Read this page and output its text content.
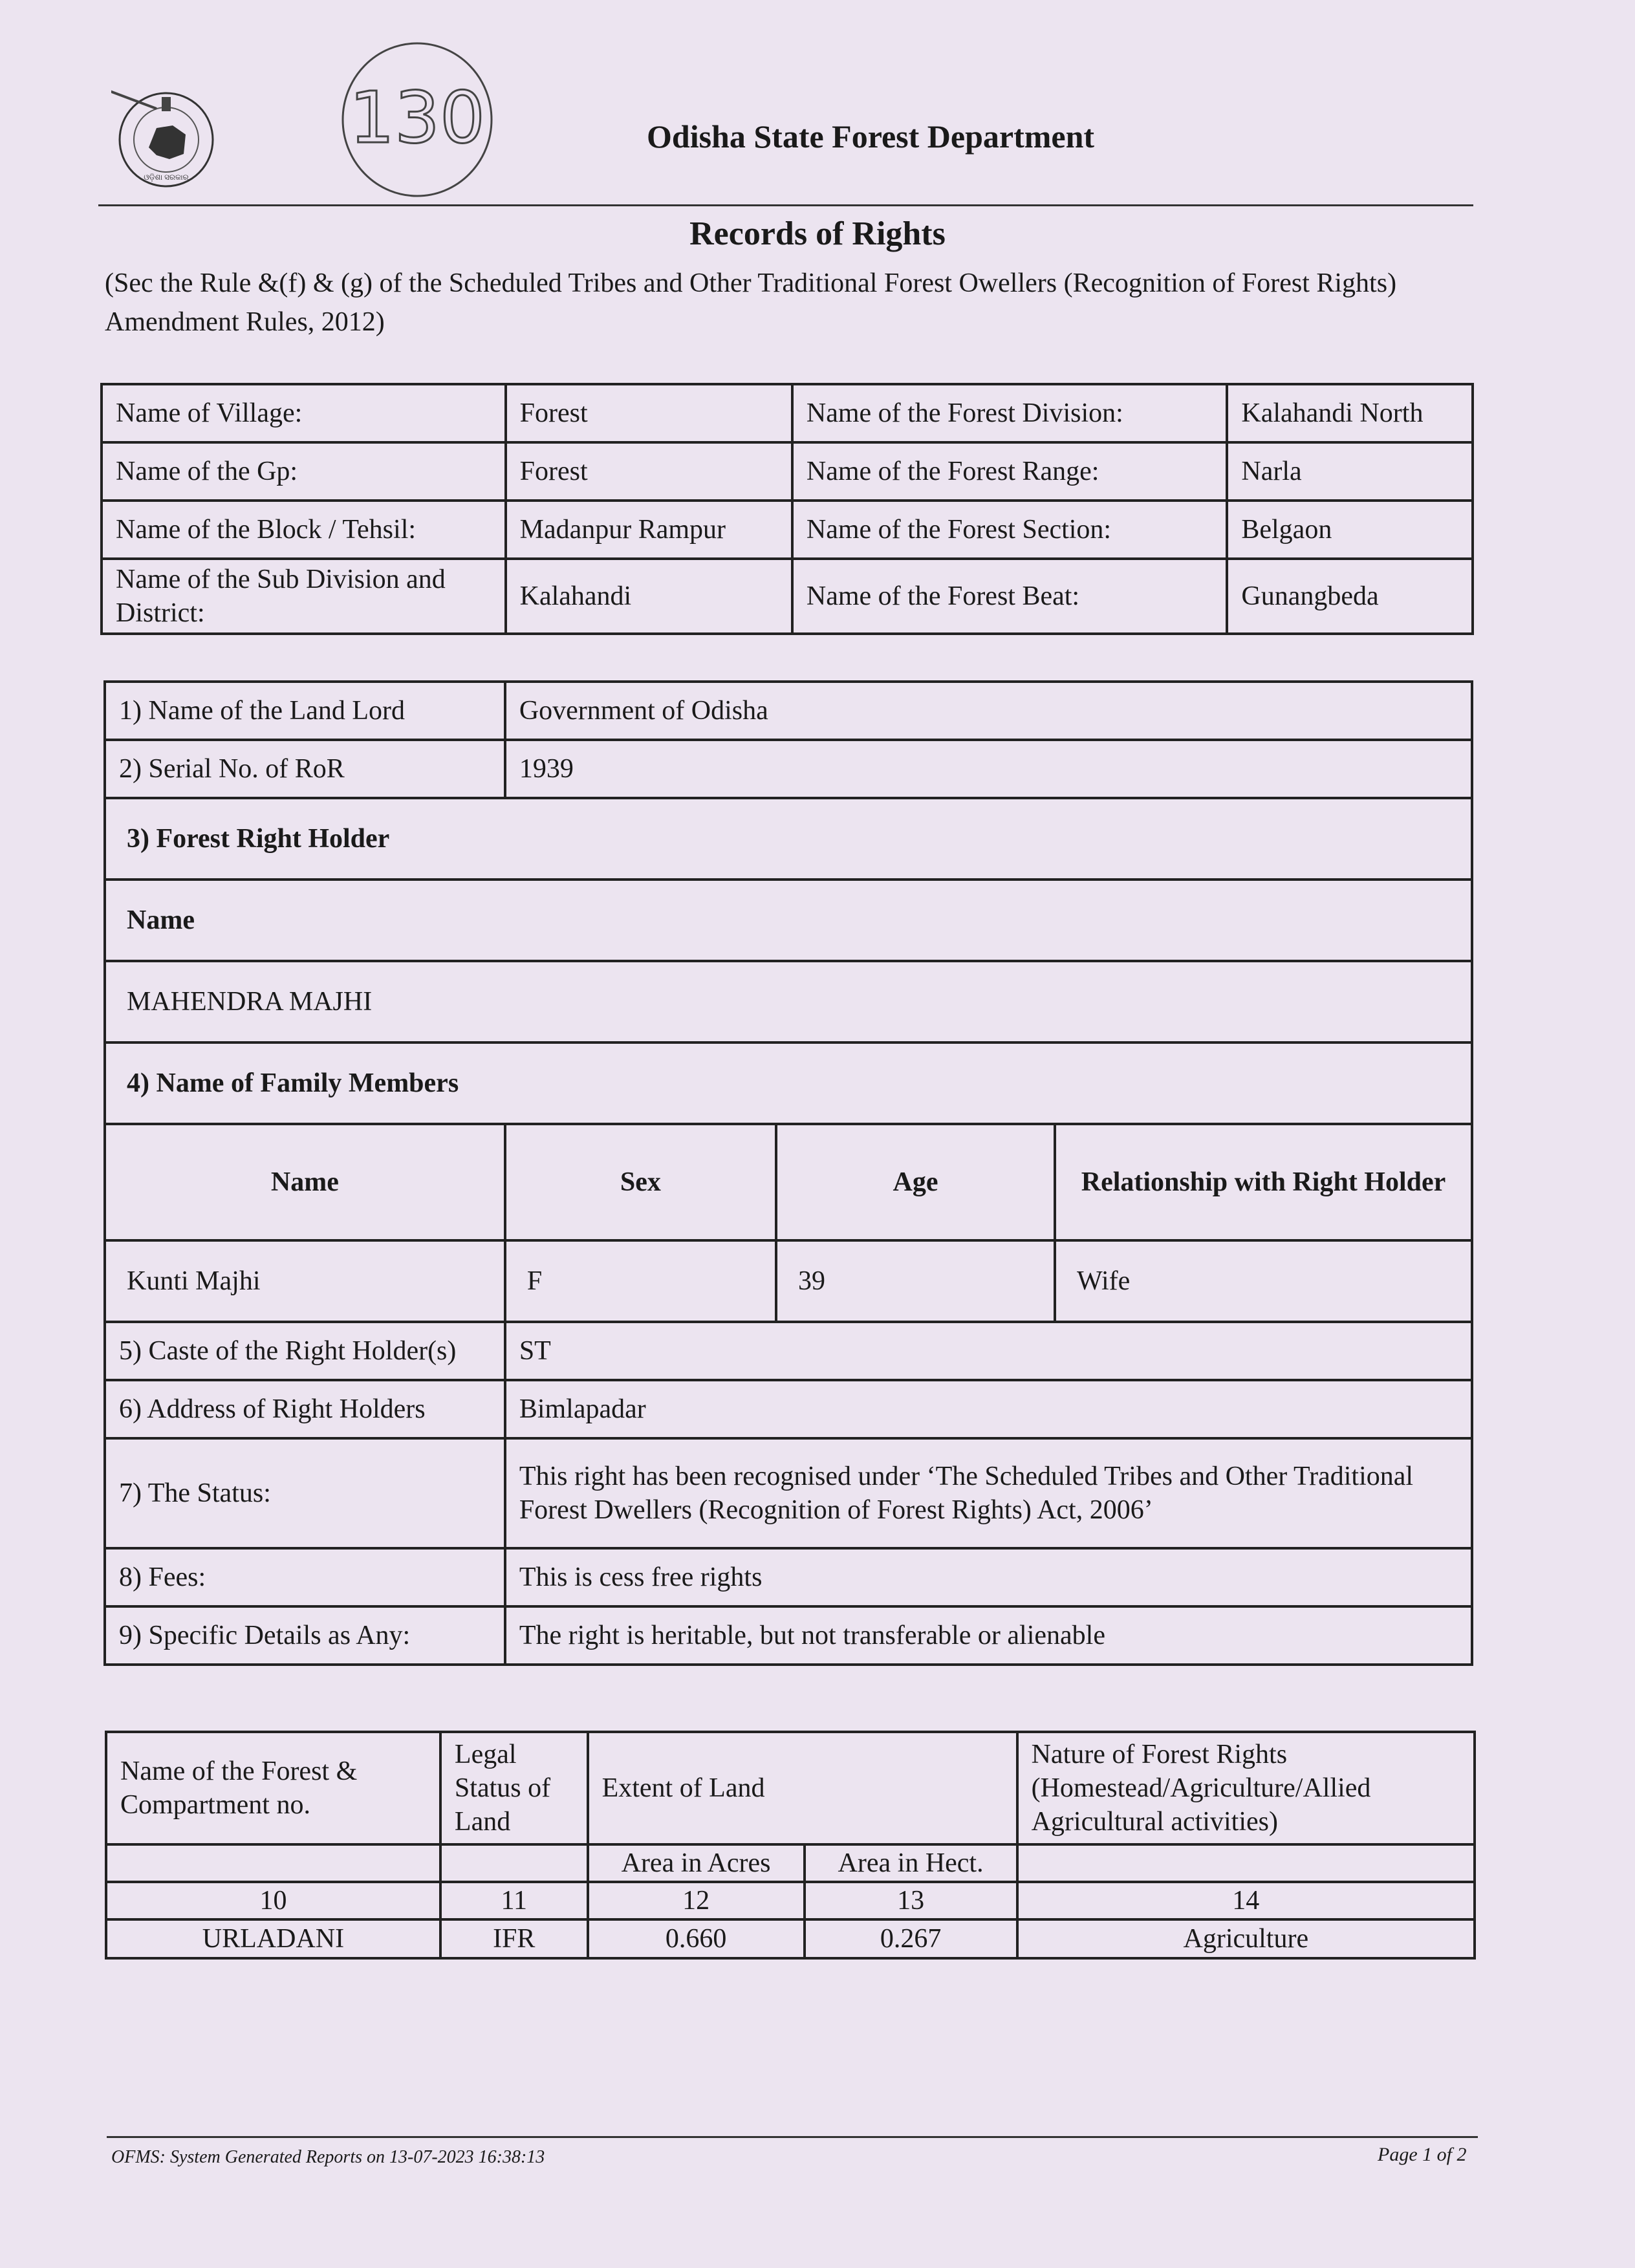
ଓଡ଼ିଶା ସରକାର
130	Odisha State Forest Department
Records of Rights
(Sec the Rule &(f) & (g) of the Scheduled Tribes and Other Traditional Forest Owellers (Recognition of Forest Rights) Amendment Rules, 2012)
Name of Village:	Forest	Name of the Forest Division:	Kalahandi North
Name of the Gp:	Forest	Name of the Forest Range:	Narla
Name of the Block / Tehsil:	Madanpur Rampur	Name of the Forest Section:	Belgaon
Name of the Sub Division and District:	Kalahandi	Name of the Forest Beat:	Gunangbeda
1) Name of the Land Lord	Government of Odisha		
2) Serial No. of RoR	1939		
3) Forest Right Holder			
Name			
MAHENDRA MAJHI			
4) Name of Family Members			
Name	Sex	Age	Relationship with Right Holder
Kunti Majhi	F	39	Wife
5) Caste of the Right Holder(s)	ST		
6) Address of Right Holders	Bimlapadar		
7) The Status:	This right has been recognised under ‘The Scheduled Tribes and Other Traditional
Forest Dwellers (Recognition of Forest Rights) Act, 2006’		

8) Fees:	This is cess free rights		
9) Specific Details as Any:	The right is heritable, but not transferable or alienable		
Name of the Forest & Compartment no.	Legal Status of Land	Extent of Land		Nature of Forest Rights (Homestead/Agriculture/Allied Agricultural activities)
		Area in Acres	Area in Hect.	
10	11	12	13	14
URLADANI	IFR	0.660	0.267	Agriculture
OFMS: System Generated Reports on 13-07-2023 16:38:13	Page 1 of 2
